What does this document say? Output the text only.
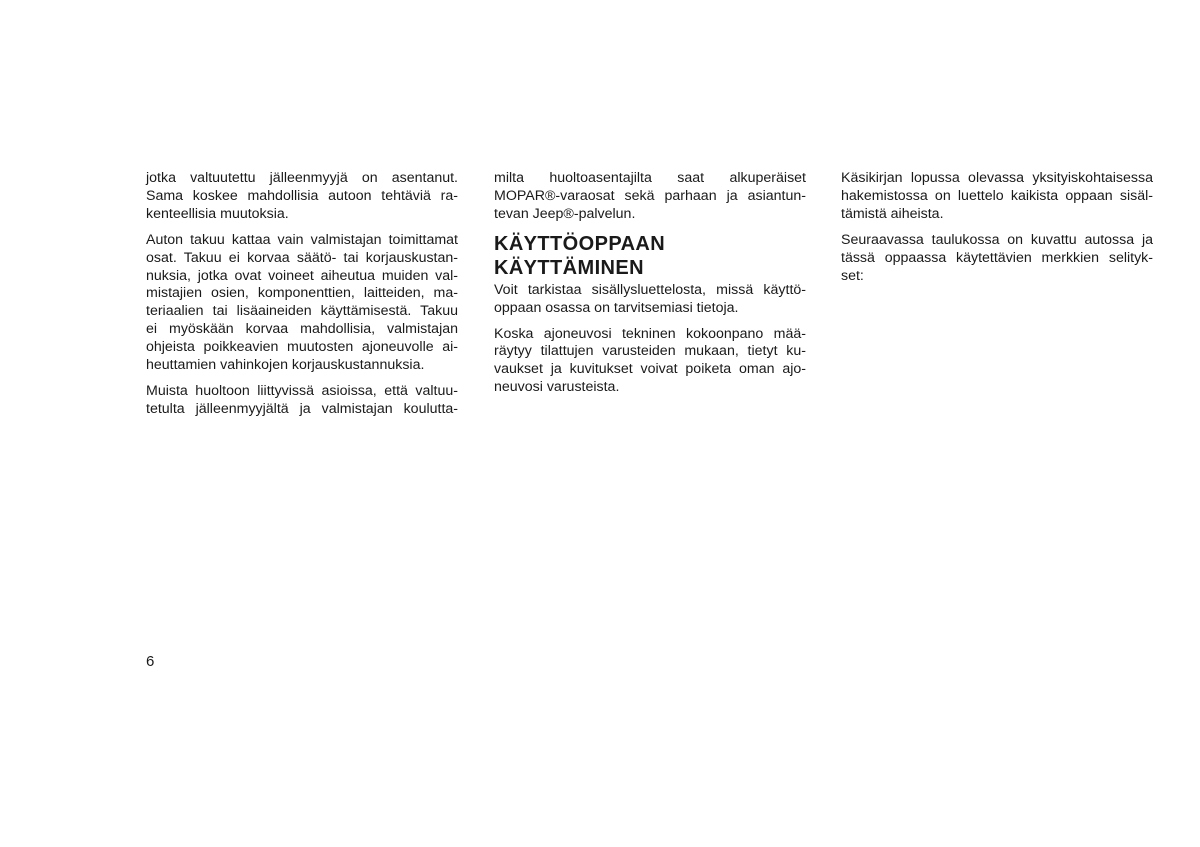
jotka valtuutettu jälleenmyyjä on asentanut.
Sama koskee mahdollisia autoon tehtäviä ra-
kenteellisia muutoksia.

Auton takuu kattaa vain valmistajan toimittamat
osat. Takuu ei korvaa säätö- tai korjauskustan-
nuksia, jotka ovat voineet aiheutua muiden val-
mistajien osien, komponenttien, laitteiden, ma-
teriaalien tai lisäaineiden käyttämisestä. Takuu
ei myöskään korvaa mahdollisia, valmistajan
ohjeista poikkeavien muutosten ajoneuvolle ai-
heuttamien vahinkojen korjauskustannuksia.

Muista huoltoon liittyvissä asioissa, että valtuu-
tetulta jälleenmyyjältä ja valmistajan koulutta-

milta huoltoasentajilta saat alkuperäiset
MOPAR®-varaosat sekä parhaan ja asiantun-
tevan Jeep®-palvelun.

KÄYTTÖOPPAAN
KÄYTTÄMINEN

Voit tarkistaa sisällysluettelosta, missä käyttö-
oppaan osassa on tarvitsemiasi tietoja.

Koska ajoneuvosi tekninen kokoonpano mää-
räytyy tilattujen varusteiden mukaan, tietyt ku-
vaukset ja kuvitukset voivat poiketa oman ajo-
neuvosi varusteista.

Käsikirjan lopussa olevassa yksityiskohtaisessa
hakemistossa on luettelo kaikista oppaan sisäl-
tämistä aiheista.

Seuraavassa taulukossa on kuvattu autossa ja
tässä oppaassa käytettävien merkkien selityk-
set:

6
